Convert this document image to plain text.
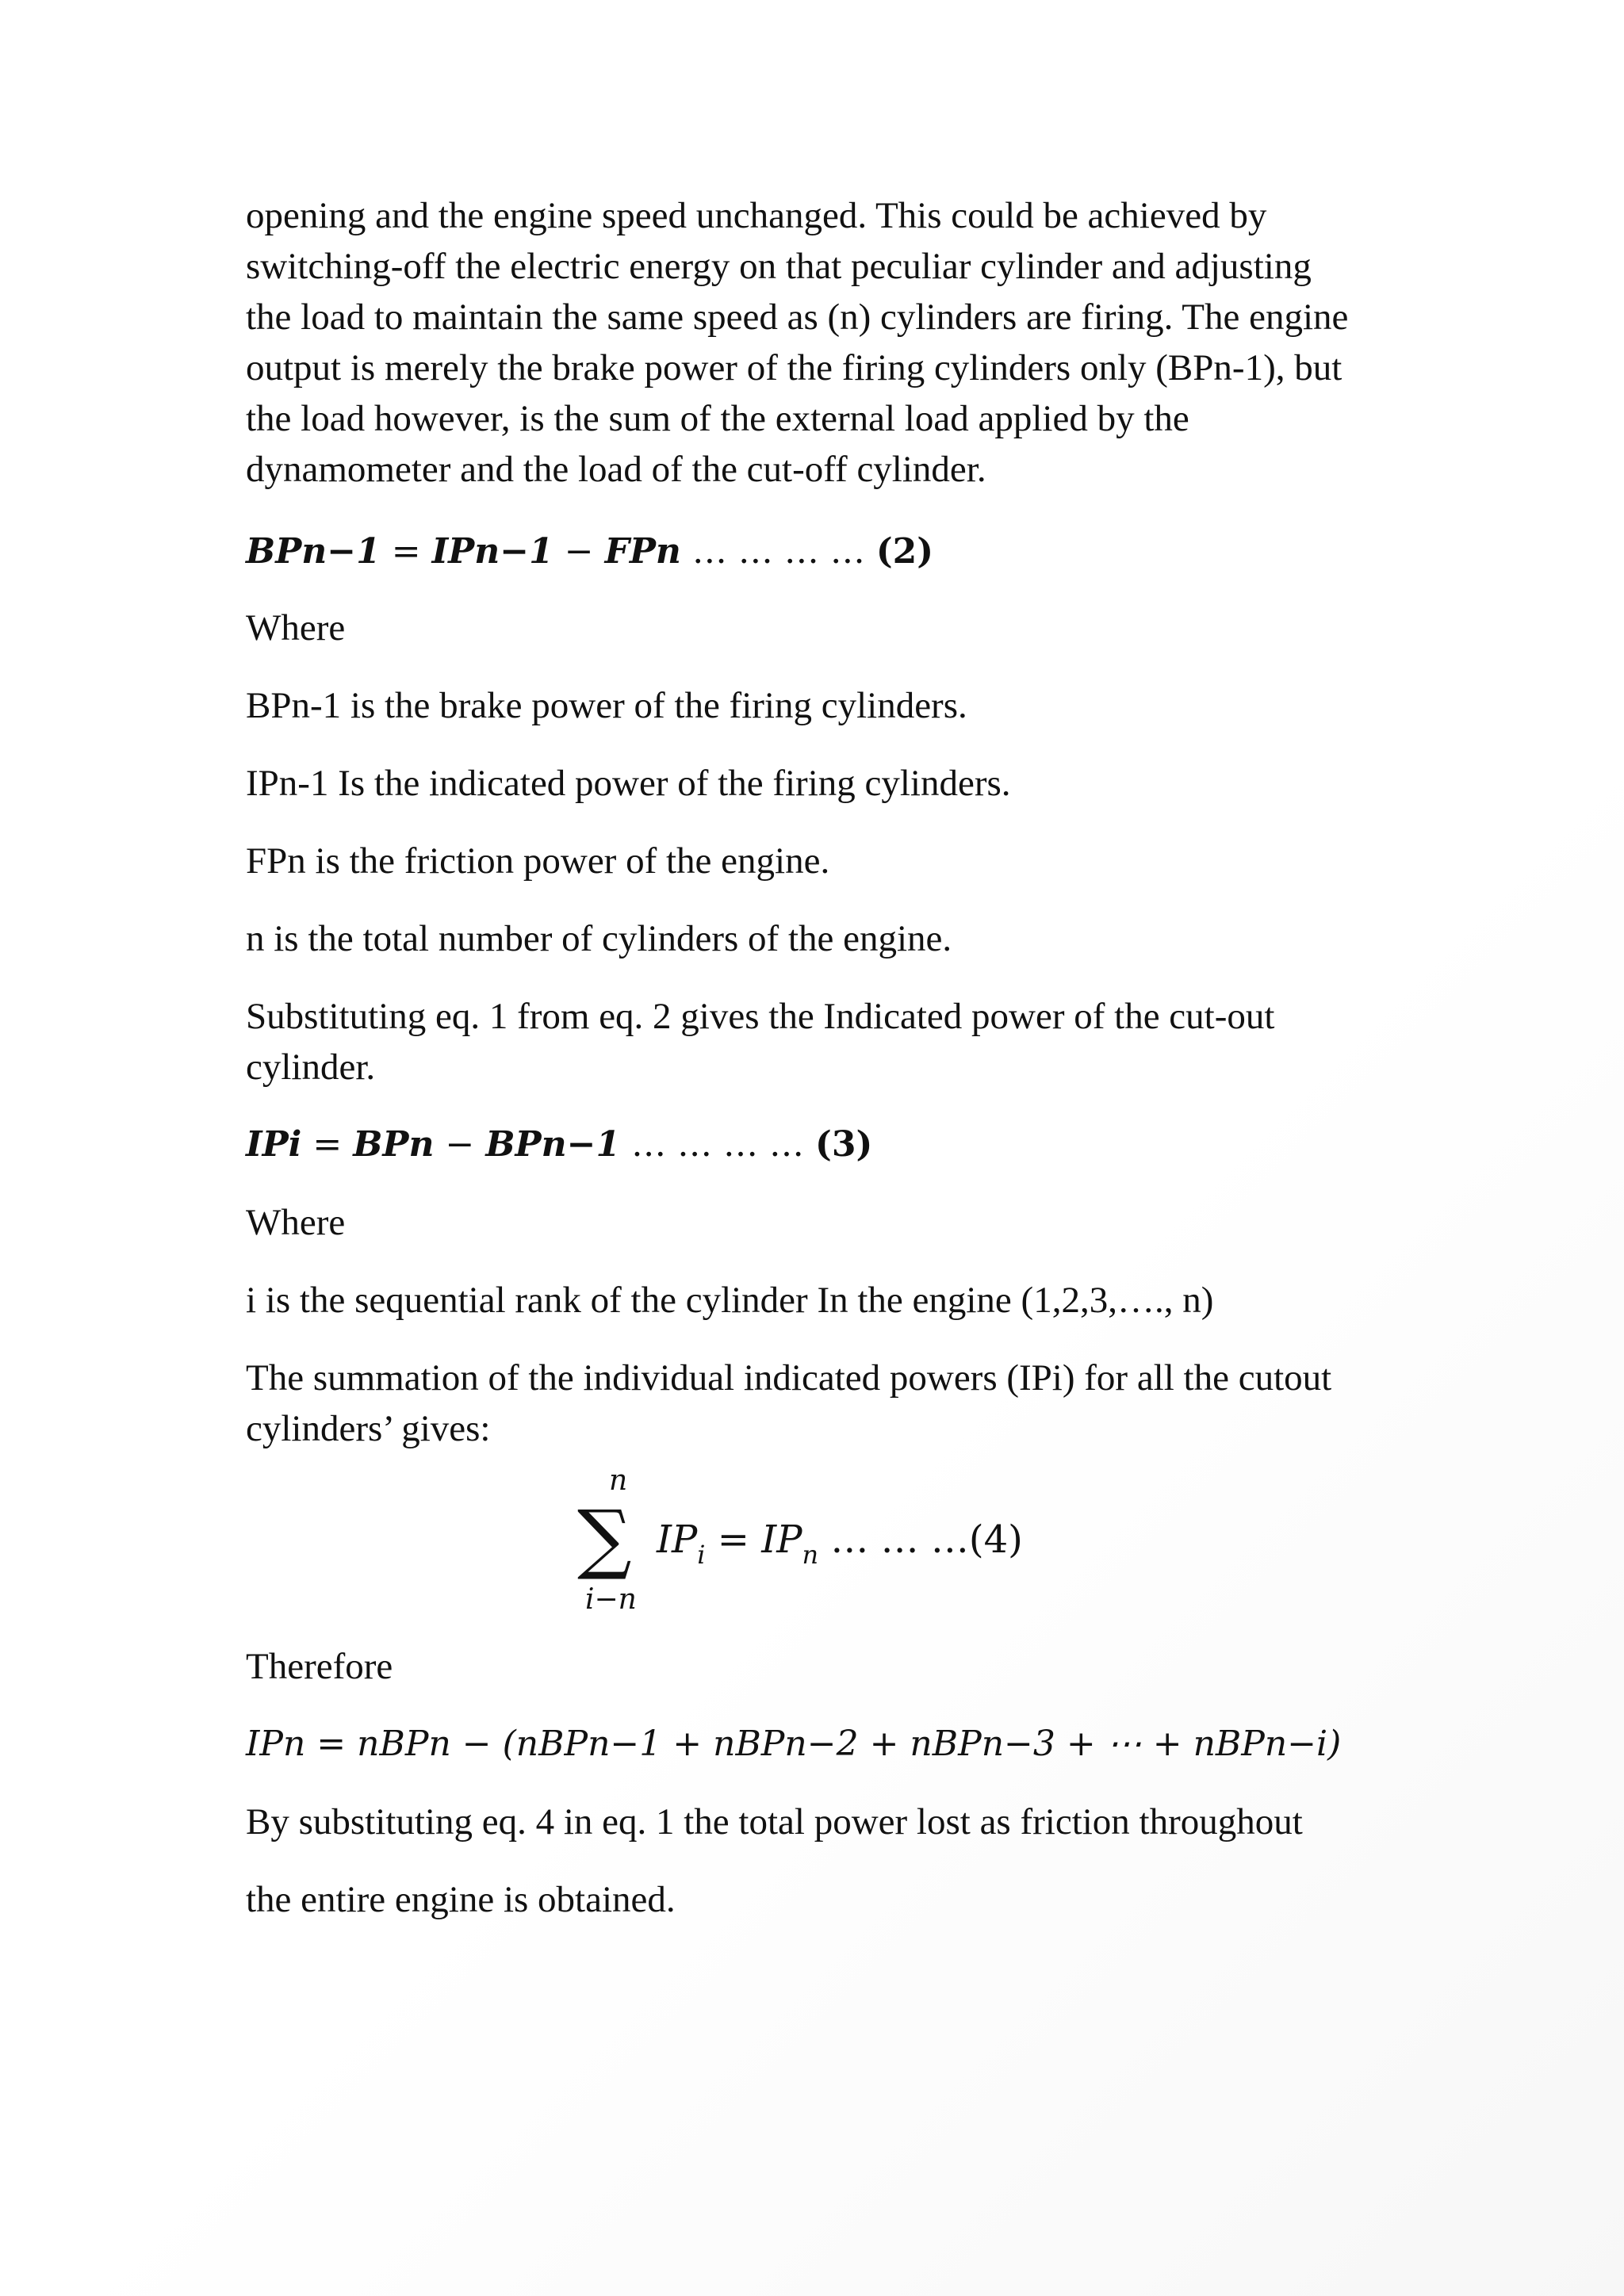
opening and the engine speed unchanged. This could be achieved by
switching-off the electric energy on that peculiar cylinder and adjusting
the load to maintain the same speed as (n) cylinders are firing. The engine
output is merely the brake power of the firing cylinders only (BPn-1), but
the load however, is the sum of the external load applied by the
dynamometer and the load of the cut-off cylinder.

BPn−1 = IPn−1 − FPn … … … … (2)

Where

BPn-1 is the brake power of the firing cylinders.

IPn-1 Is the indicated power of the firing cylinders.

FPn is the friction power of the engine.

n is the total number of cylinders of the engine.

Substituting eq. 1 from eq. 2 gives the Indicated power of the cut-out
cylinder.

IPi = BPn − BPn−1 … … … … (3)

Where

i is the sequential rank of the cylinder In the engine (1,2,3,…., n)

The summation of the individual indicated powers (IPi) for all the cutout
cylinders’ gives:

n
∑
i−n
$IP_i = IP_n$ … … …(4)

Therefore

IPn = nBPn − (nBPn−1 + nBPn−2 + nBPn−3 + ⋯ + nBPn−i)

By substituting eq. 4 in eq. 1 the total power lost as friction throughout

the entire engine is obtained.
